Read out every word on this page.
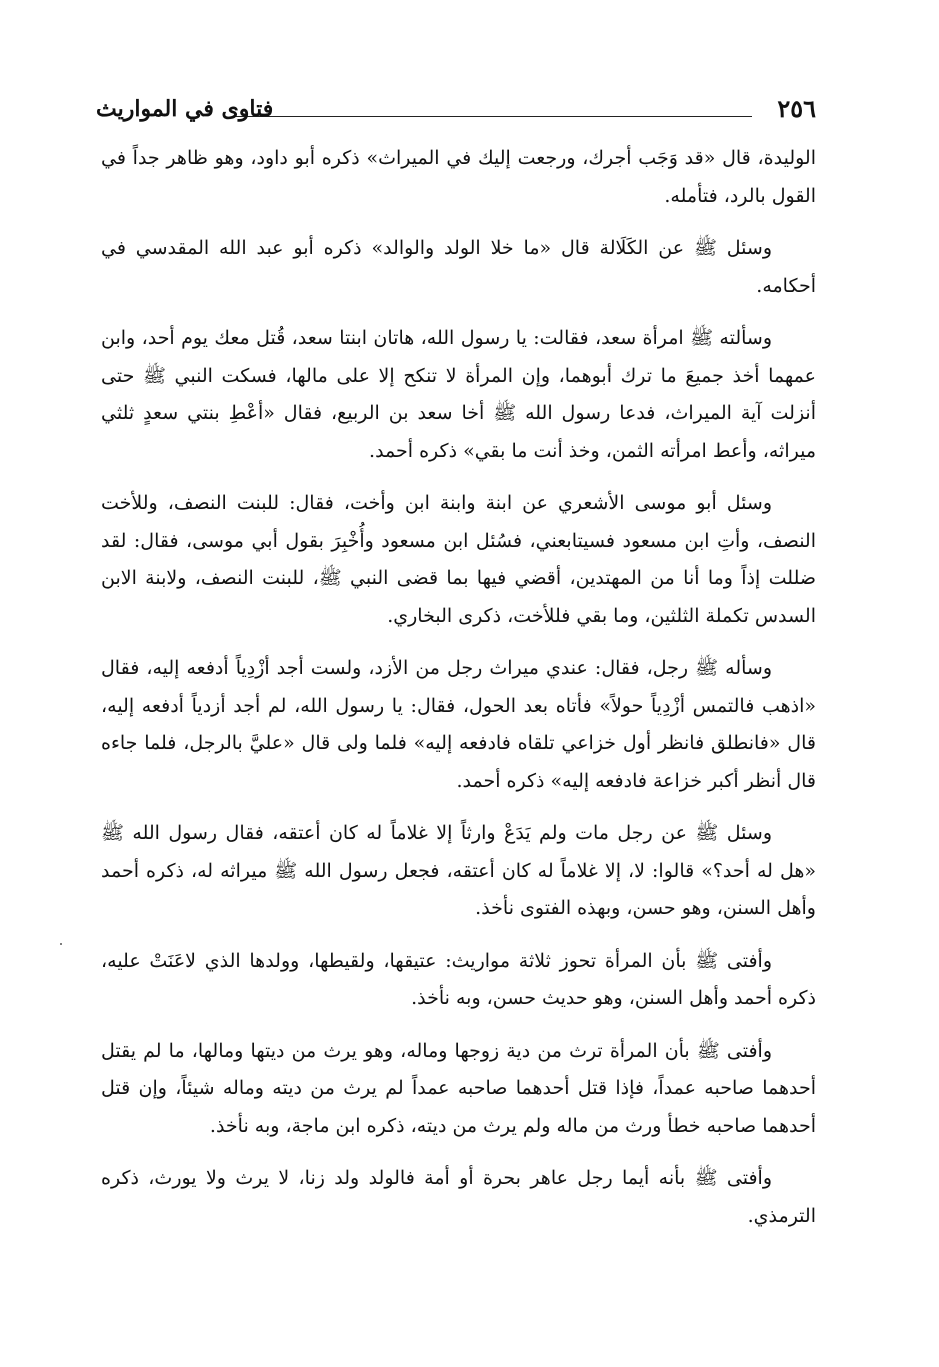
٢٥٦
فتاوى في المواريث

الوليدة، قال «قد وَجَب أجرك، ورجعت إليك في الميراث» ذكره أبو داود، وهو ظاهر جداً في القول بالرد، فتأمله.

وسئل ﷺ عن الكَلَالة قال «ما خلا الولد والوالد» ذكره أبو عبد الله المقدسي في أحكامه.

وسألته ﷺ امرأة سعد، فقالت: يا رسول الله، هاتان ابنتا سعد، قُتل معك يوم أحد، وابن عمهما أخذ جميعَ ما ترك أبوهما، وإن المرأة لا تنكح إلا على مالها، فسكت النبي ﷺ حتى أنزلت آية الميراث، فدعا رسول الله ﷺ أخا سعد بن الربيع، فقال «أعْطِ بنتي سعدٍ ثلثي ميراثه، وأعط امرأته الثمن، وخذ أنت ما بقي» ذكره أحمد.

وسئل أبو موسى الأشعري عن ابنة وابنة ابن وأخت، فقال: للبنت النصف، وللأخت النصف، وأتِ ابن مسعود فسيتابعني، فسُئل ابن مسعود وأُخْبِرَ بقول أبي موسى، فقال: لقد ضللت إذاً وما أنا من المهتدين، أقضي فيها بما قضى النبي ﷺ، للبنت النصف، ولابنة الابن السدس تكملة الثلثين، وما بقي فللأخت، ذكرى البخاري.

وسأله ﷺ رجل، فقال: عندي ميراث رجل من الأزد، ولست أجد أزْدِياً أدفعه إليه، فقال «اذهب فالتمس أزْدِياً حولاً» فأتاه بعد الحول، فقال: يا رسول الله، لم أجد أزدياً أدفعه إليه، قال «فانطلق فانظر أول خزاعي تلقاه فادفعه إليه» فلما ولى قال «عليَّ بالرجل، فلما جاءه قال أنظر أكبر خزاعة فادفعه إليه» ذكره أحمد.

وسئل ﷺ عن رجل مات ولم يَدَعْ وارثاً إلا غلاماً له كان أعتقه، فقال رسول الله ﷺ «هل له أحد؟» قالوا: لا، إلا غلاماً له كان أعتقه، فجعل رسول الله ﷺ ميراثه له، ذكره أحمد وأهل السنن، وهو حسن، وبهذه الفتوى نأخذ.

وأفتى ﷺ بأن المرأة تحوز ثلاثة مواريث: عتيقها، ولقيطها، وولدها الذي لاعَنَتْ عليه، ذكره أحمد وأهل السنن، وهو حديث حسن، وبه نأخذ.

وأفتى ﷺ بأن المرأة ترث من دية زوجها وماله، وهو يرث من ديتها ومالها، ما لم يقتل أحدهما صاحبه عمداً، فإذا قتل أحدهما صاحبه عمداً لم يرث من ديته وماله شيئاً، وإن قتل أحدهما صاحبه خطأ ورث من ماله ولم يرث من ديته، ذكره ابن ماجة، وبه نأخذ.

وأفتى ﷺ بأنه أيما رجل عاهر بحرة أو أمة فالولد ولد زنا، لا يرث ولا يورث، ذكره الترمذي.
